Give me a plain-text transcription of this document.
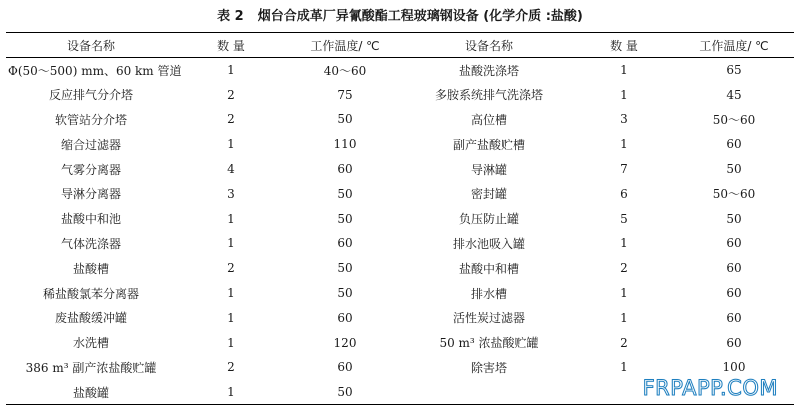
表 2 烟台合成革厂异氰酸酯工程玻璃钢设备 (化学介质 :盐酸)
设备名称	数 量	工作温度/ ℃	设备名称	数 量	工作温度/ ℃
Φ(50～500) mm、60 km 管道	1	40～60	盐酸洗涤塔	1	65
反应排气分介塔	2	75	多胺系统排气洗涤塔	1	45
软管站分介塔	2	50	高位槽	3	50～60
缩合过滤器	1	110	副产盐酸贮槽	1	60
气雾分离器	4	60	导淋罐	7	50
导淋分离器	3	50	密封罐	6	50～60
盐酸中和池	1	50	负压防止罐	5	50
气体洗涤器	1	60	排水池吸入罐	1	60
盐酸槽	2	50	盐酸中和槽	2	60
稀盐酸氯苯分离器	1	50	排水槽	1	60
废盐酸缓冲罐	1	60	活性炭过滤器	1	60
水洗槽	1	120	50 m³ 浓盐酸贮罐	2	60
386 m³ 副产浓盐酸贮罐	2	60	除害塔	1	100
盐酸罐	1	50				FRPAPP.COM
